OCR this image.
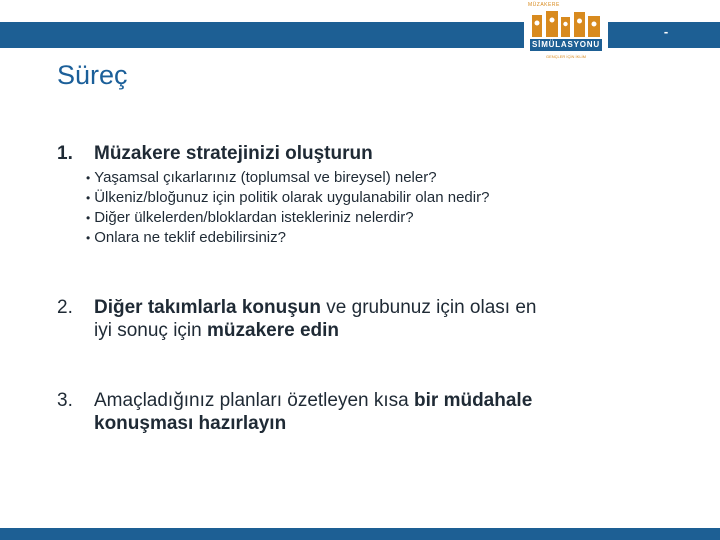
-
MÜZAKERE
SİMÜLASYONU
GENÇLER İÇİN İKLİM
Süreç
1. Müzakere stratejinizi oluşturun
• Yaşamsal çıkarlarınız (toplumsal ve bireysel) neler?
• Ülkeniz/bloğunuz için politik olarak uygulanabilir olan nedir?
• Diğer ülkelerden/bloklardan istekleriniz nelerdir?
• Onlara ne teklif edebilirsiniz?
2. Diğer takımlarla konuşun ve grubunuz için olası en
iyi sonuç için müzakere edin
3. Amaçladığınız planları özetleyen kısa bir müdahale
konuşması hazırlayın
